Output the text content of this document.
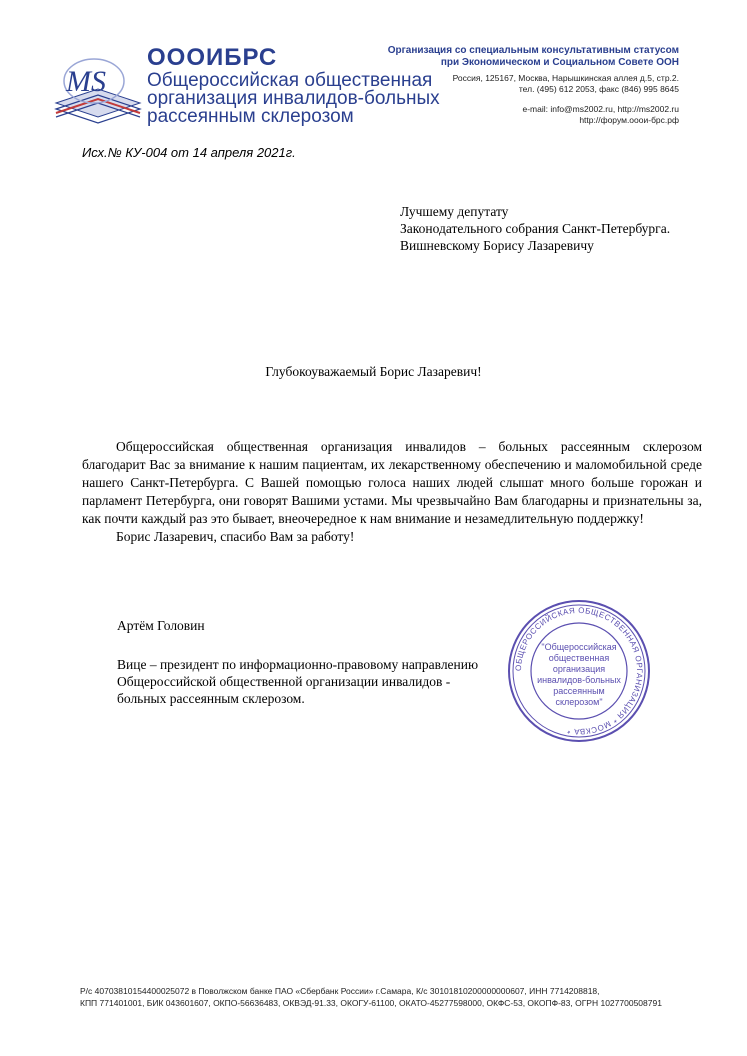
MS
ОООИБРС
Общероссийская общественная
организация инвалидов-больных
рассеянным склерозом
Организация со специальным консультативным статусом
при Экономическом и Социальном Совете ООН
Россия, 125167, Москва, Нарышкинская аллея д.5, стр.2.
тел. (495) 612 2053, факс (846) 995 8645
e-mail: info@ms2002.ru, http://ms2002.ru
http://форум.ооои-брс.рф
Исх.№ КУ-004 от 14 апреля 2021г.
Лучшему депутату
Законодательного собрания Санкт-Петербурга.
Вишневскому Борису Лазаревичу
Глубокоуважаемый Борис Лазаревич!

Общероссийская общественная организация инвалидов – больных рассеянным склерозом благодарит Вас за внимание к нашим пациентам, их лекарственному обеспечению и маломобильной среде нашего Санкт-Петербурга. С Вашей помощью голоса наших людей слышат много больше горожан и парламент Петербурга, они говорят Вашими устами. Мы чрезвычайно Вам благодарны и признательны за, как почти каждый раз это бывает, внеочередное к нам внимание и незамедлительную поддержку!

Борис Лазаревич, спасибо Вам за работу!

Артём Головин
Вице – президент по информационно-правовому направлению
Общероссийской общественной организации инвалидов -
больных рассеянным склерозом.
ОБЩЕРОССИЙСКАЯ ОБЩЕСТВЕННАЯ ОРГАНИЗАЦИЯ * МОСКВА *
"Общероссийская
общественная
организация
инвалидов-больных
рассеянным
склерозом"
Р/с 40703810154400025072 в Поволжском банке ПАО «Сбербанк России» г.Самара, К/с 30101810200000000607, ИНН 7714208818,
КПП 771401001, БИК 043601607, ОКПО-56636483, ОКВЭД-91.33, ОКОГУ-61100, ОКАТО-45277598000, ОКФС-53, ОКОПФ-83, ОГРН 1027700508791
